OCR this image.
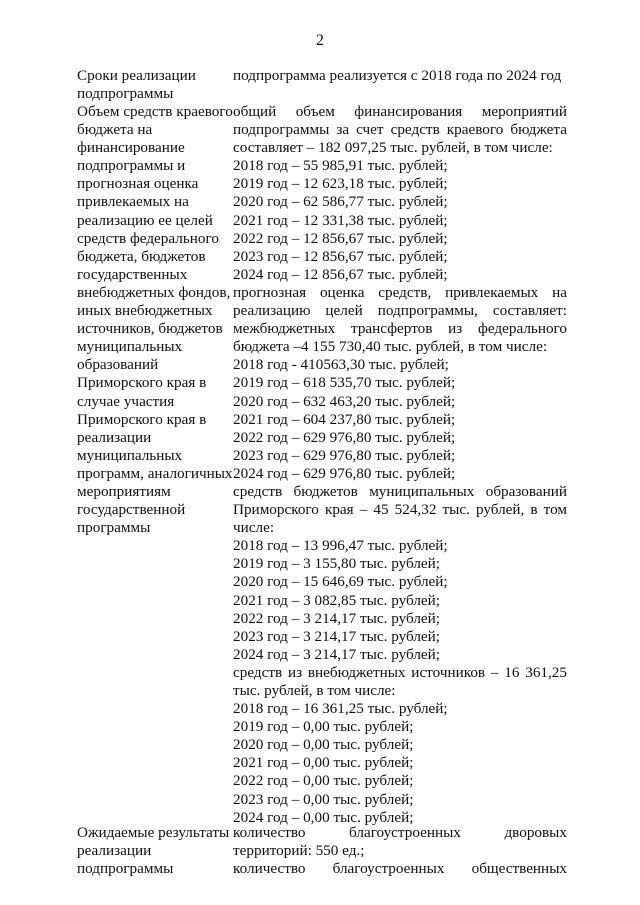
2
Сроки реализации
подпрограммы

подпрограмма реализуется с 2018 года по 2024 год

Объем средств краевого
бюджета на
финансирование
подпрограммы и
прогнозная оценка
привлекаемых на
реализацию ее целей
средств федерального
бюджета, бюджетов
государственных
внебюджетных фондов,
иных внебюджетных
источников, бюджетов
муниципальных
образований
Приморского края в
случае участия
Приморского края в
реализации
муниципальных
программ, аналогичных
мероприятиям
государственной
программы

общий объем финансирования мероприятий подпрограммы за счет средств краевого бюджета составляет – 182 097,25 тыс. рублей, в том числе:

2018 год – 55 985,91 тыс. рублей;

2019 год – 12 623,18 тыс. рублей;

2020 год – 62 586,77 тыс. рублей;

2021 год – 12 331,38 тыс. рублей;

2022 год – 12 856,67 тыс. рублей;

2023 год – 12 856,67 тыс. рублей;

2024 год – 12 856,67 тыс. рублей;

прогнозная оценка средств, привлекаемых на реализацию целей подпрограммы, составляет: межбюджетных трансфертов из федерального бюджета –4 155 730,40 тыс. рублей, в том числе:

2018 год - 410563,30 тыс. рублей;

2019 год – 618 535,70 тыс. рублей;

2020 год – 632 463,20 тыс. рублей;

2021 год – 604 237,80 тыс. рублей;

2022 год – 629 976,80 тыс. рублей;

2023 год – 629 976,80 тыс. рублей;

2024 год – 629 976,80 тыс. рублей;

средств бюджетов муниципальных образований Приморского края – 45 524,32 тыс. рублей, в том числе:

2018 год – 13 996,47 тыс. рублей;

2019 год – 3 155,80 тыс. рублей;

2020 год – 15 646,69 тыс. рублей;

2021 год – 3 082,85 тыс. рублей;

2022 год – 3 214,17 тыс. рублей;

2023 год – 3 214,17 тыс. рублей;

2024 год – 3 214,17 тыс. рублей;

средств из внебюджетных источников – 16 361,25 тыс. рублей, в том числе:

2018 год – 16 361,25 тыс. рублей;

2019 год – 0,00 тыс. рублей;

2020 год – 0,00 тыс. рублей;

2021 год – 0,00 тыс. рублей;

2022 год – 0,00 тыс. рублей;

2023 год – 0,00 тыс. рублей;

2024 год – 0,00 тыс. рублей;

Ожидаемые результаты
реализации
подпрограммы

количество благоустроенных дворовых территорий: 550 ед.;

количество благоустроенных общественных
